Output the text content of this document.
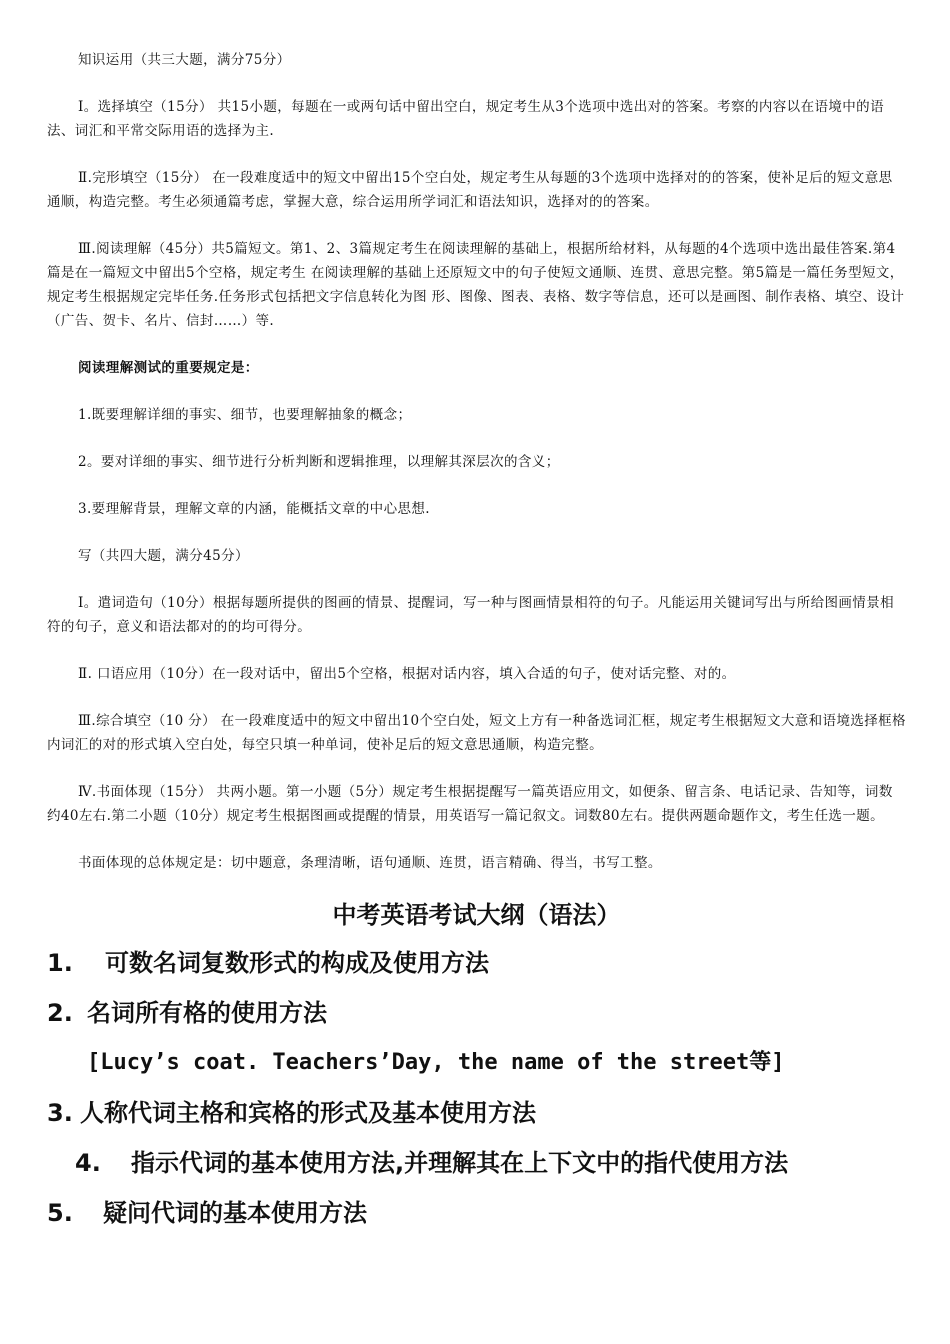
知识运用（共三大题，满分75分）
Ⅰ。选择填空（15分） 共15小题，每题在一或两句话中留出空白，规定考生从3个选项中选出对的答案。考察的内容以在语境中的语法、词汇和平常交际用语的选择为主.
Ⅱ.完形填空（15分） 在一段难度适中的短文中留出15个空白处，规定考生从每题的3个选项中选择对的的答案，使补足后的短文意思通顺，构造完整。考生必须通篇考虑，掌握大意，综合运用所学词汇和语法知识，选择对的的答案。
Ⅲ.阅读理解（45分）共5篇短文。第1、2、3篇规定考生在阅读理解的基础上，根据所给材料，从每题的4个选项中选出最佳答案.第4篇是在一篇短文中留出5个空格，规定考生 在阅读理解的基础上还原短文中的句子使短文通顺、连贯、意思完整。第5篇是一篇任务型短文，规定考生根据规定完毕任务.任务形式包括把文字信息转化为图 形、图像、图表、表格、数字等信息，还可以是画图、制作表格、填空、设计（广告、贺卡、名片、信封……）等.
阅读理解测试的重要规定是：
1.既要理解详细的事实、细节，也要理解抽象的概念；
2。要对详细的事实、细节进行分析判断和逻辑推理，以理解其深层次的含义；
3.要理解背景，理解文章的内涵，能概括文章的中心思想.
写（共四大题，满分45分）
Ⅰ。遣词造句（10分）根据每题所提供的图画的情景、提醒词，写一种与图画情景相符的句子。凡能运用关键词写出与所给图画情景相符的句子，意义和语法都对的的均可得分。
Ⅱ. 口语应用（10分）在一段对话中，留出5个空格，根据对话内容，填入合适的句子，使对话完整、对的。
Ⅲ.综合填空（10 分） 在一段难度适中的短文中留出10个空白处，短文上方有一种备选词汇框，规定考生根据短文大意和语境选择框格内词汇的对的形式填入空白处，每空只填一种单词，使补足后的短文意思通顺，构造完整。
Ⅳ.书面体现（15分） 共两小题。第一小题（5分）规定考生根据提醒写一篇英语应用文，如便条、留言条、电话记录、告知等，词数约40左右.第二小题（10分）规定考生根据图画或提醒的情景，用英语写一篇记叙文。词数80左右。提供两题命题作文，考生任选一题。
书面体现的总体规定是：切中题意，条理清晰，语句通顺、连贯，语言精确、得当，书写工整。
中考英语考试大纲（语法）

1. 可数名词复数形式的构成及使用方法

2. 名词所有格的使用方法

[Lucy’s coat. Teachers’Day, the name of the street等]

3. 人称代词主格和宾格的形式及基本使用方法

4. 指示代词的基本使用方法,并理解其在上下文中的指代使用方法

5. 疑问代词的基本使用方法
